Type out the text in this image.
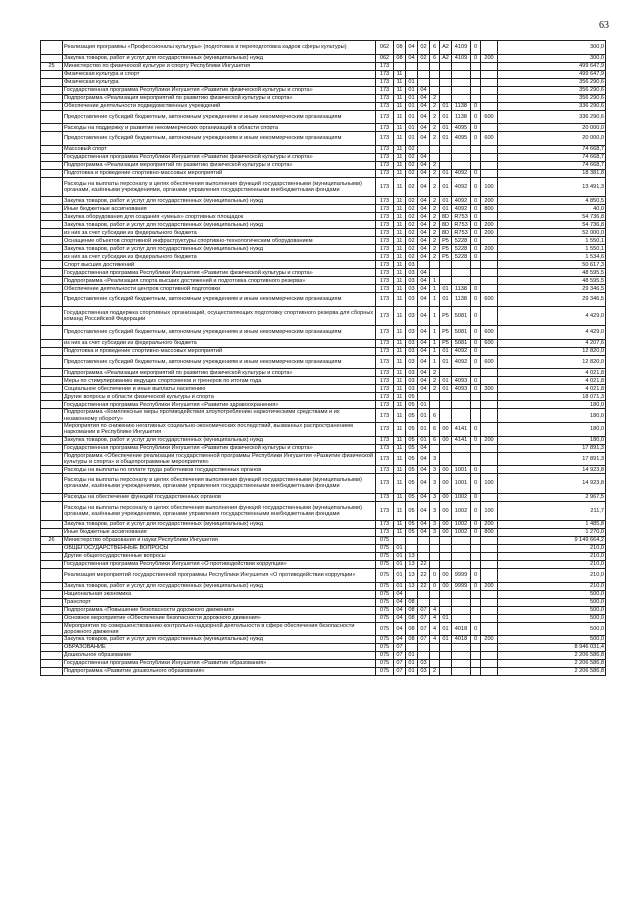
63
	Реализация программы «Профессионалы культуры» (подготовка и переподготовка кадров сферы культуры)	062	08	04	02	6	А2	4109	0		300,0
	Закупка товаров, работ и услуг для государственных (муниципальных) нужд	062	08	04	02	6	А2	4109	0	200	300,0
25	Министерство по физической культуре и спорту Республики Ингушетия	173									499 647,9
	Физическая культура и спорт	173	11								499 647,9
	Физическая культура	173	11	01							356 290,6
	Государственная программа Республики Ингушетия «Развитие физической культуры и спорта»	173	11	01	04						356 290,6
	Подпрограмма «Реализация мероприятий по развитию физической культуры и спорта»	173	11	01	04	2					356 290,6
	Обеспечение деятельности подведомственных учреждений	173	11	01	04	2	01	1138	0		336 290,6
	Предоставление субсидий бюджетным, автономным учреждениям и иным некоммерческим организациям	173	11	01	04	2	01	1138	0	600	336 290,6
	Расходы на поддержку и развитие некоммерческих организаций в области спорта	173	11	01	04	2	01	4095	0		20 000,0
	Предоставление субсидий бюджетным, автономным учреждениям и иным некоммерческим организациям	173	11	01	04	2	01	4095	0	600	20 000,0
	Массовый спорт	173	11	02							74 668,7
	Государственная программа Республики Ингушетия «Развитие физической культуры и спорта»	173	11	02	04						74 668,7
	Подпрограмма «Реализация мероприятий по развитию физической культуры и спорта»	173	11	02	04	2					74 668,7
	Подготовка и проведение спортивно-массовых мероприятий	173	11	02	04	2	01	4092	0		18 381,8
	Расходы на выплаты персоналу в целях обеспечения выполнения функций государственными (муниципальными) органами, казёнными учреждениями, органами управления государственными внебюджетными фондами	173	11	02	04	2	01	4092	0	100	13 491,3
	Закупка товаров, работ и услуг для государственных (муниципальных) нужд	173	11	02	04	2	01	4092	0	200	4 850,5
	Иные бюджетные ассигнования	173	11	02	04	2	01	4092	0	800	40,0
	Закупка оборудования для создания «умных» спортивных площадок	173	11	02	04	2	8D	R753	0		54 736,8
	Закупка товаров, работ и услуг для государственных (муниципальных) нужд	173	11	02	04	2	8D	R753	0	200	54 736,8
	из них за счет субсидии из федерального бюджета	173	11	02	04	2	8D	R753	0	200	52 000,0
	Оснащение объектов спортивной инфраструктуры спортивно-технологическим оборудованием	173	11	02	04	2	P5	5228	0		1 550,1
	Закупка товаров, работ и услуг для государственных (муниципальных) нужд	173	11	02	04	2	P5	5228	0	200	1 550,1
	из них за счет субсидии из федерального бюджета	173	11	02	04	2	P5	5228	0		1 534,6
	Спорт высших достижений	173	11	03							50 617,3
	Государственная программа Республики Ингушетия «Развитие физической культуры и спорта»	173	11	03	04						48 595,5
	Подпрограмма «Реализация спорта высших достижений и подготовка спортивного резерва»	173	11	03	04	1					48 595,5
	Обеспечение деятельности центров спортивной подготовки	173	11	03	04	1	01	1138	0		29 346,5
	Предоставление субсидий бюджетным, автономным учреждениям и иным некоммерческим организациям	173	11	03	04	1	01	1138	0	600	29 346,5
	Государственная поддержка спортивных организаций, осуществляющих подготовку спортивного резерва для сборных команд Российской Федерации	173	11	03	04	1	P5	5081	0		4 429,0
	Предоставление субсидий бюджетным, автономным учреждениям и иным некоммерческим организациям	173	11	03	04	1	P5	5081	0	600	4 429,0
	из них за счет субсидии из федерального бюджета	173	11	03	04	1	P5	5081	0	600	4 207,6
	Подготовка и проведение спортивно-массовых мероприятий	173	11	03	04	1	01	4092	0		12 820,0
	Предоставление субсидий бюджетным, автономным учреждениям и иным некоммерческим организациям	173	11	03	04	1	01	4092	0	600	12 820,0
	Подпрограмма «Реализация мероприятий по развитию физической культуры и спорта»	173	11	03	04	2					4 021,8
	Меры по стимулированию ведущих спортсменов и тренеров по итогам года	173	11	03	04	2	01	4093	0		4 021,8
	Социальное обеспечение и иные выплаты населению	173	11	03	04	2	01	4093	0	300	4 021,8
	Другие вопросы в области физической культуры и спорта	173	11	05							18 071,3
	Государственная программа Республики Ингушетия «Развитие здравоохранения»	173	11	05	01						180,0
	Подпрограмма «Комплексные меры противодействия злоупотреблению наркотическими средствами и их незаконному обороту»	173	11	05	01	6					180,0
	Мероприятия по снижению негативных социально-экономических последствий, вызванных распространением наркомании в Республике Ингушетия	173	11	05	01	6	00	4141	0		180,0
	Закупка товаров, работ и услуг для государственных (муниципальных) нужд	173	11	05	01	6	00	4141	0	200	180,0
	Государственная программа Республики Ингушетия «Развитие физической культуры и спорта»	173	11	05	04						17 891,3
	Подпрограмма «Обеспечение реализации государственной программы Республики Ингушетия «Развитие физической культуры и спорта» и общепрограммные мероприятия»	173	11	05	04	3					17 891,3
	Расходы на выплаты по оплате труда работников государственных органов	173	11	05	04	3	00	1001	0		14 923,8
	Расходы на выплаты персоналу в целях обеспечения выполнения функций государственными (муниципальными) органами, казёнными учреждениями, органами управления государственными внебюджетными фондами	173	11	05	04	3	00	1001	0	100	14 923,8
	Расходы на обеспечение функций государственных органов	173	11	05	04	3	00	1002	0		2 967,5
	Расходы на выплаты персоналу в целях обеспечения выполнения функций государственными (муниципальными) органами, казёнными учреждениями, органами управления государственными внебюджетными фондами	173	11	05	04	3	00	1002	0	100	211,7
	Закупка товаров, работ и услуг для государственных (муниципальных) нужд	173	11	05	04	3	00	1002	0	200	1 485,8
	Иные бюджетные ассигнования	173	11	05	04	3	00	1002	0	800	1 270,0
26	Министерство образования и науки Республики Ингушетия	075									9 149 664,2
	ОБЩЕГОСУДАРСТВЕННЫЕ ВОПРОСЫ	075	01								210,0
	Другие общегосударственные вопросы	075	01	13							210,0
	Государственная программа Республики Ингушетия «О противодействии коррупции»	075	01	13	22						210,0
	Реализация мероприятий государственной программы Республики Ингушетия «О противодействии коррупции»	075	01	13	22	0	00	9999	0		210,0
	Закупка товаров, работ и услуг для государственных (муниципальных) нужд	075	01	13	22	0	00	9999	0	200	210,0
	Национальная экономика	075	04								500,0
	Транспорт	075	04	08							500,0
	Подпрограмма «Повышение безопасности дорожного движения»	075	04	08	07	4					500,0
	Основное мероприятие «Обеспечение безопасности дорожного движения»	075	04	08	07	4	01				500,0
	Мероприятия по совершенствованию контрольно-надзорной деятельности в сфере обеспечения безопасности дорожного движения	075	04	08	07	4	01	4018	0		500,0
	Закупка товаров, работ и услуг для государственных (муниципальных) нужд	075	04	08	07	4	01	4018	0	200	500,0
	ОБРАЗОВАНИЕ	075	07								8 946 031,4
	Дошкольное образование	075	07	01							2 206 586,8
	Государственная программа Республики Ингушетия «Развитие образования»	075	07	01	03						2 206 586,8
	Подпрограмма «Развитие дошкольного образования»	075	07	01	03	2					2 206 586,8
